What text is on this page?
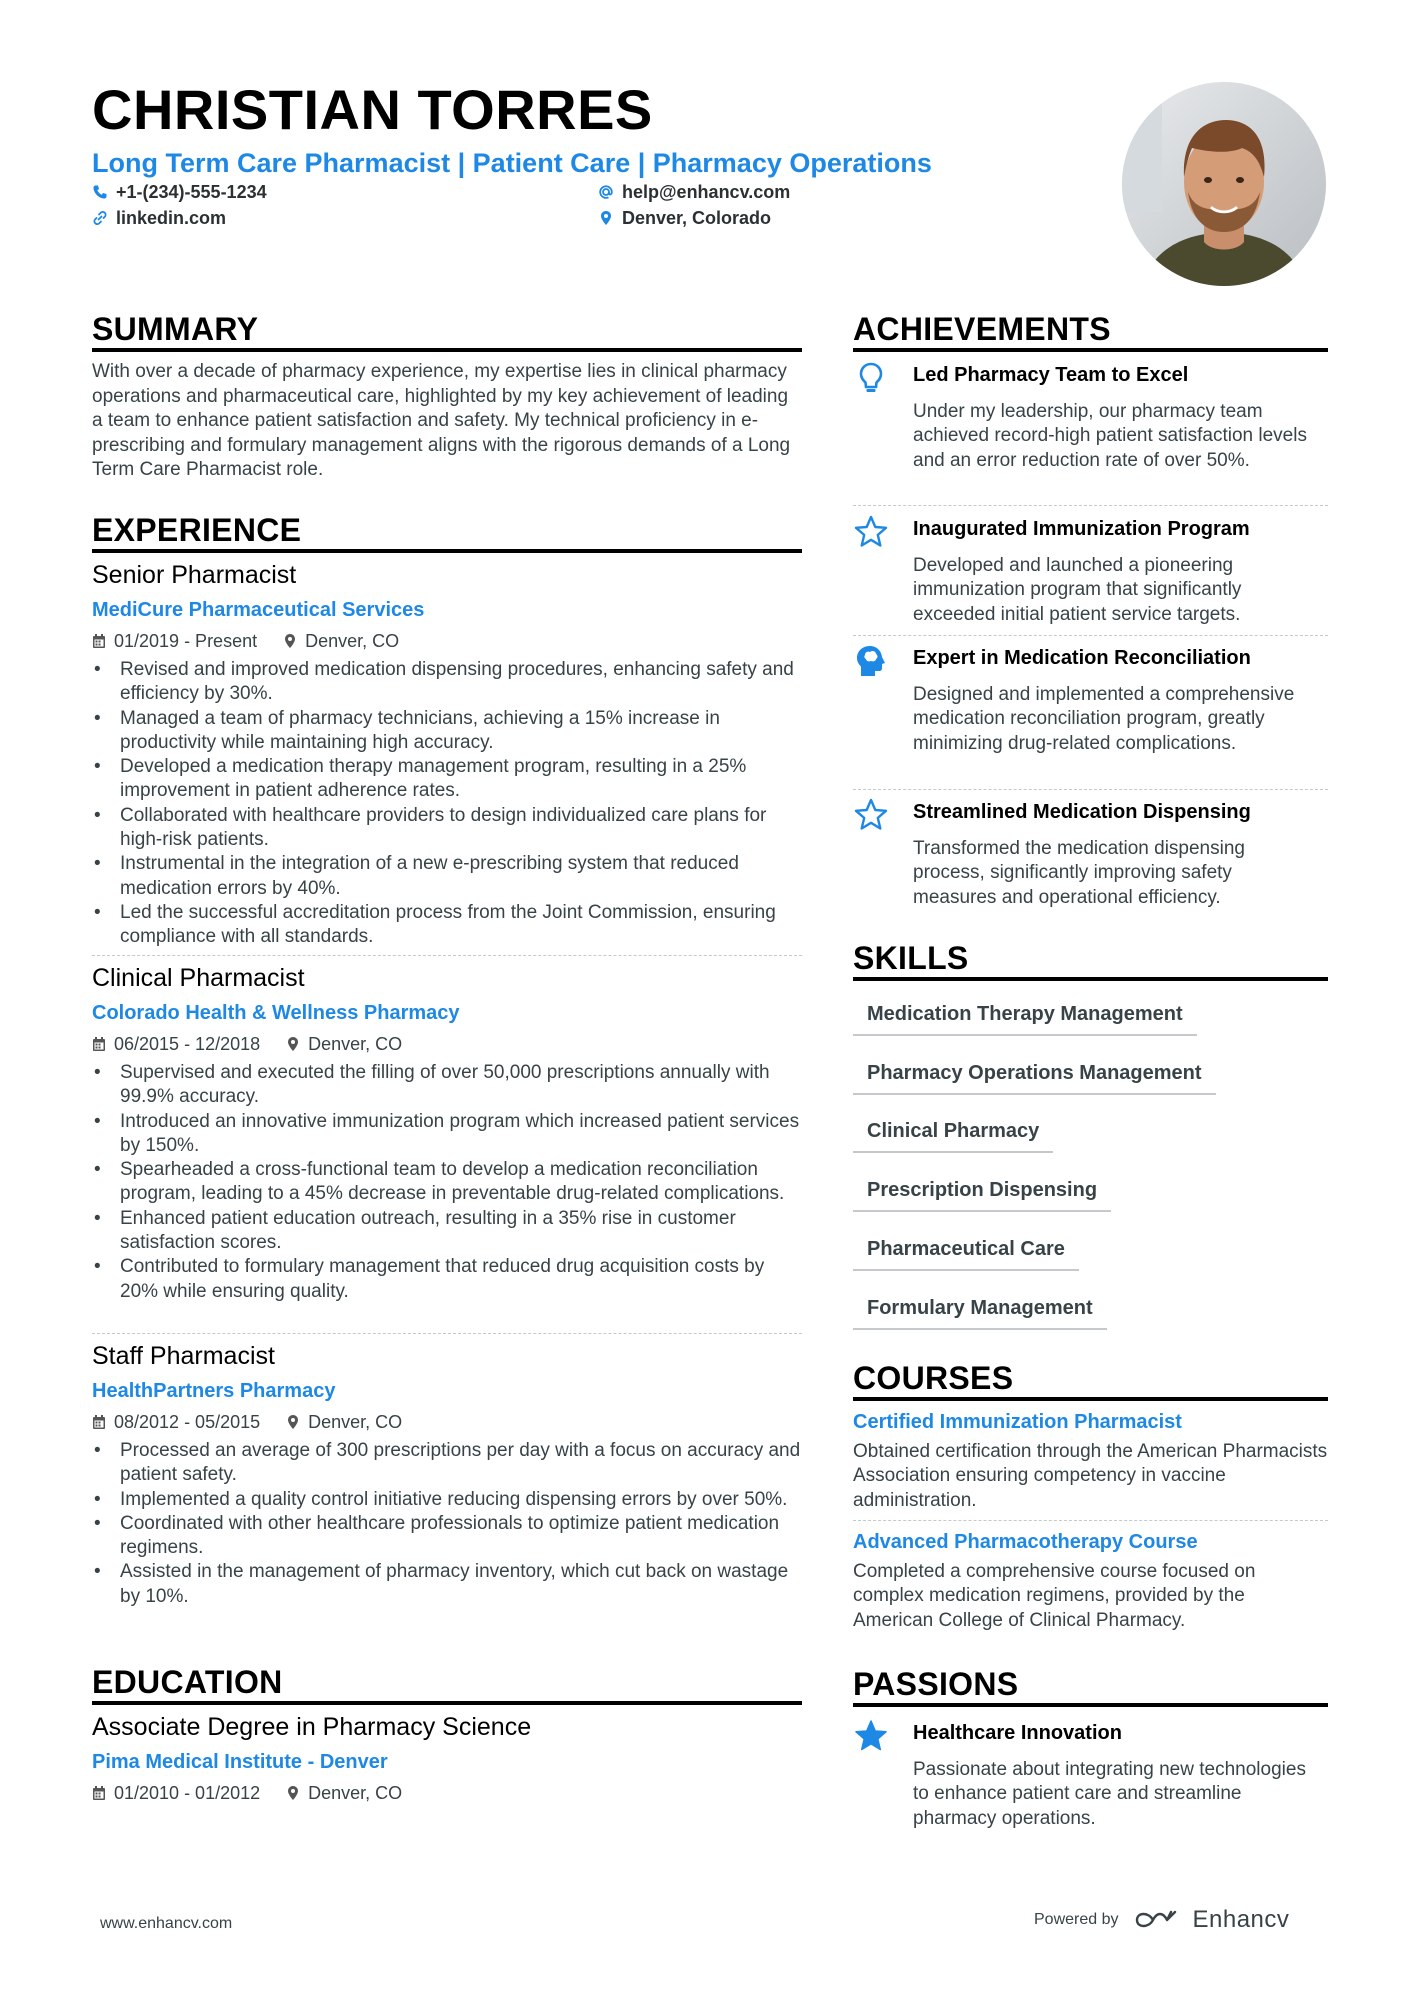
CHRISTIAN TORRES
Long Term Care Pharmacist | Patient Care | Pharmacy Operations
+1-(234)-555-1234	help@enhancv.com
linkedin.com	Denver, Colorado
SUMMARY
With over a decade of pharmacy experience, my expertise lies in clinical pharmacy operations and pharmaceutical care, highlighted by my key achievement of leading a team to enhance patient satisfaction and safety. My technical proficiency in e-prescribing and formulary management aligns with the rigorous demands of a Long Term Care Pharmacist role.
EXPERIENCE
Senior Pharmacist
MediCure Pharmaceutical Services
01/2019 - Present	Denver, CO
• Revised and improved medication dispensing procedures, enhancing safety and efficiency by 30%.
• Managed a team of pharmacy technicians, achieving a 15% increase in productivity while maintaining high accuracy.
• Developed a medication therapy management program, resulting in a 25% improvement in patient adherence rates.
• Collaborated with healthcare providers to design individualized care plans for high-risk patients.
• Instrumental in the integration of a new e-prescribing system that reduced medication errors by 40%.
• Led the successful accreditation process from the Joint Commission, ensuring compliance with all standards.
Clinical Pharmacist
Colorado Health & Wellness Pharmacy
06/2015 - 12/2018	Denver, CO
• Supervised and executed the filling of over 50,000 prescriptions annually with 99.9% accuracy.
• Introduced an innovative immunization program which increased patient services by 150%.
• Spearheaded a cross-functional team to develop a medication reconciliation program, leading to a 45% decrease in preventable drug-related complications.
• Enhanced patient education outreach, resulting in a 35% rise in customer satisfaction scores.
• Contributed to formulary management that reduced drug acquisition costs by 20% while ensuring quality.
Staff Pharmacist
HealthPartners Pharmacy
08/2012 - 05/2015	Denver, CO
• Processed an average of 300 prescriptions per day with a focus on accuracy and patient safety.
• Implemented a quality control initiative reducing dispensing errors by over 50%.
• Coordinated with other healthcare professionals to optimize patient medication regimens.
• Assisted in the management of pharmacy inventory, which cut back on wastage by 10%.
EDUCATION
Associate Degree in Pharmacy Science
Pima Medical Institute - Denver
01/2010 - 01/2012	Denver, CO
ACHIEVEMENTS
Led Pharmacy Team to Excel
Under my leadership, our pharmacy team achieved record-high patient satisfaction levels and an error reduction rate of over 50%.
Inaugurated Immunization Program
Developed and launched a pioneering immunization program that significantly exceeded initial patient service targets.
Expert in Medication Reconciliation
Designed and implemented a comprehensive medication reconciliation program, greatly minimizing drug-related complications.
Streamlined Medication Dispensing
Transformed the medication dispensing process, significantly improving safety measures and operational efficiency.
SKILLS
Medication Therapy Management
Pharmacy Operations Management
Clinical Pharmacy
Prescription Dispensing
Pharmaceutical Care
Formulary Management
COURSES
Certified Immunization Pharmacist
Obtained certification through the American Pharmacists Association ensuring competency in vaccine administration.
Advanced Pharmacotherapy Course
Completed a comprehensive course focused on complex medication regimens, provided by the American College of Clinical Pharmacy.
PASSIONS
Healthcare Innovation
Passionate about integrating new technologies to enhance patient care and streamline pharmacy operations.
www.enhancv.com	Powered by	Enhancv
